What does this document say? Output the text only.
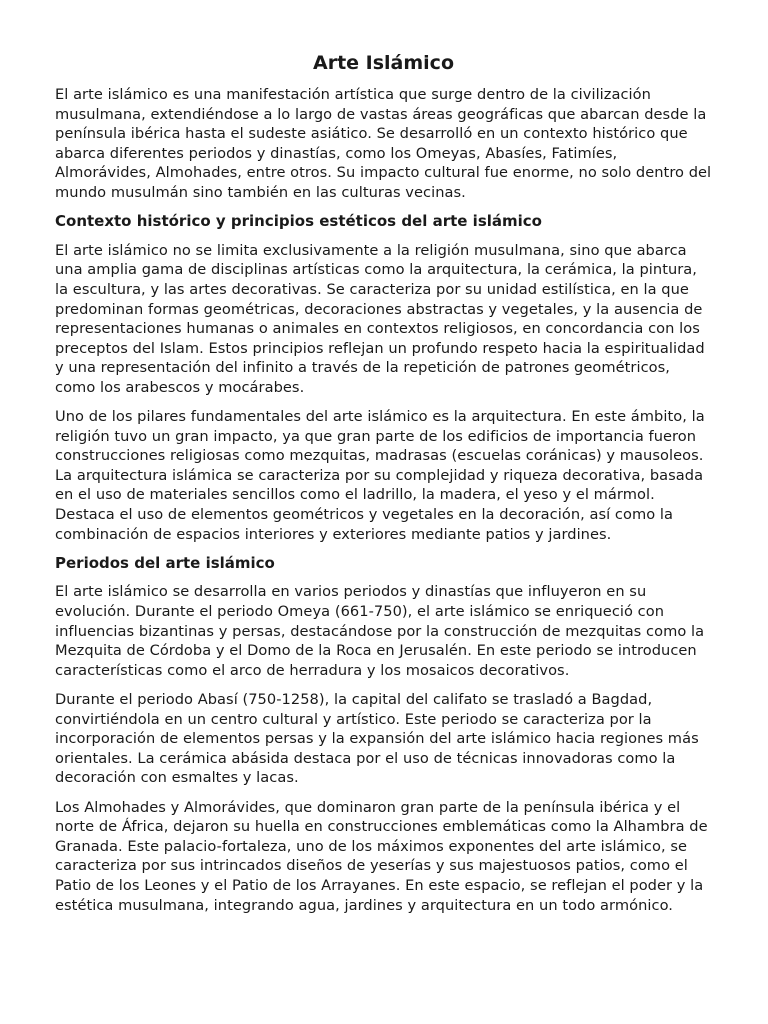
Arte Islámico

El arte islámico es una manifestación artística que surge dentro de la civilización musulmana, extendiéndose a lo largo de vastas áreas geográficas que abarcan desde la península ibérica hasta el sudeste asiático. Se desarrolló en un contexto histórico que abarca diferentes periodos y dinastías, como los Omeyas, Abasíes, Fatimíes, Almorávides, Almohades, entre otros. Su impacto cultural fue enorme, no solo dentro del mundo musulmán sino también en las culturas vecinas.

Contexto histórico y principios estéticos del arte islámico

El arte islámico no se limita exclusivamente a la religión musulmana, sino que abarca una amplia gama de disciplinas artísticas como la arquitectura, la cerámica, la pintura, la escultura, y las artes decorativas. Se caracteriza por su unidad estilística, en la que predominan formas geométricas, decoraciones abstractas y vegetales, y la ausencia de representaciones humanas o animales en contextos religiosos, en concordancia con los preceptos del Islam. Estos principios reflejan un profundo respeto hacia la espiritualidad y una representación del infinito a través de la repetición de patrones geométricos, como los arabescos y mocárabes.

Uno de los pilares fundamentales del arte islámico es la arquitectura. En este ámbito, la religión tuvo un gran impacto, ya que gran parte de los edificios de importancia fueron construcciones religiosas como mezquitas, madrasas (escuelas coránicas) y mausoleos. La arquitectura islámica se caracteriza por su complejidad y riqueza decorativa, basada en el uso de materiales sencillos como el ladrillo, la madera, el yeso y el mármol. Destaca el uso de elementos geométricos y vegetales en la decoración, así como la combinación de espacios interiores y exteriores mediante patios y jardines.

Periodos del arte islámico

El arte islámico se desarrolla en varios periodos y dinastías que influyeron en su evolución. Durante el periodo Omeya (661-750), el arte islámico se enriqueció con influencias bizantinas y persas, destacándose por la construcción de mezquitas como la Mezquita de Córdoba y el Domo de la Roca en Jerusalén. En este periodo se introducen características como el arco de herradura y los mosaicos decorativos.

Durante el periodo Abasí (750-1258), la capital del califato se trasladó a Bagdad, convirtiéndola en un centro cultural y artístico. Este periodo se caracteriza por la incorporación de elementos persas y la expansión del arte islámico hacia regiones más orientales. La cerámica abásida destaca por el uso de técnicas innovadoras como la decoración con esmaltes y lacas.

Los Almohades y Almorávides, que dominaron gran parte de la península ibérica y el norte de África, dejaron su huella en construcciones emblemáticas como la Alhambra de Granada. Este palacio-fortaleza, uno de los máximos exponentes del arte islámico, se caracteriza por sus intrincados diseños de yeserías y sus majestuosos patios, como el Patio de los Leones y el Patio de los Arrayanes. En este espacio, se reflejan el poder y la estética musulmana, integrando agua, jardines y arquitectura en un todo armónico.
